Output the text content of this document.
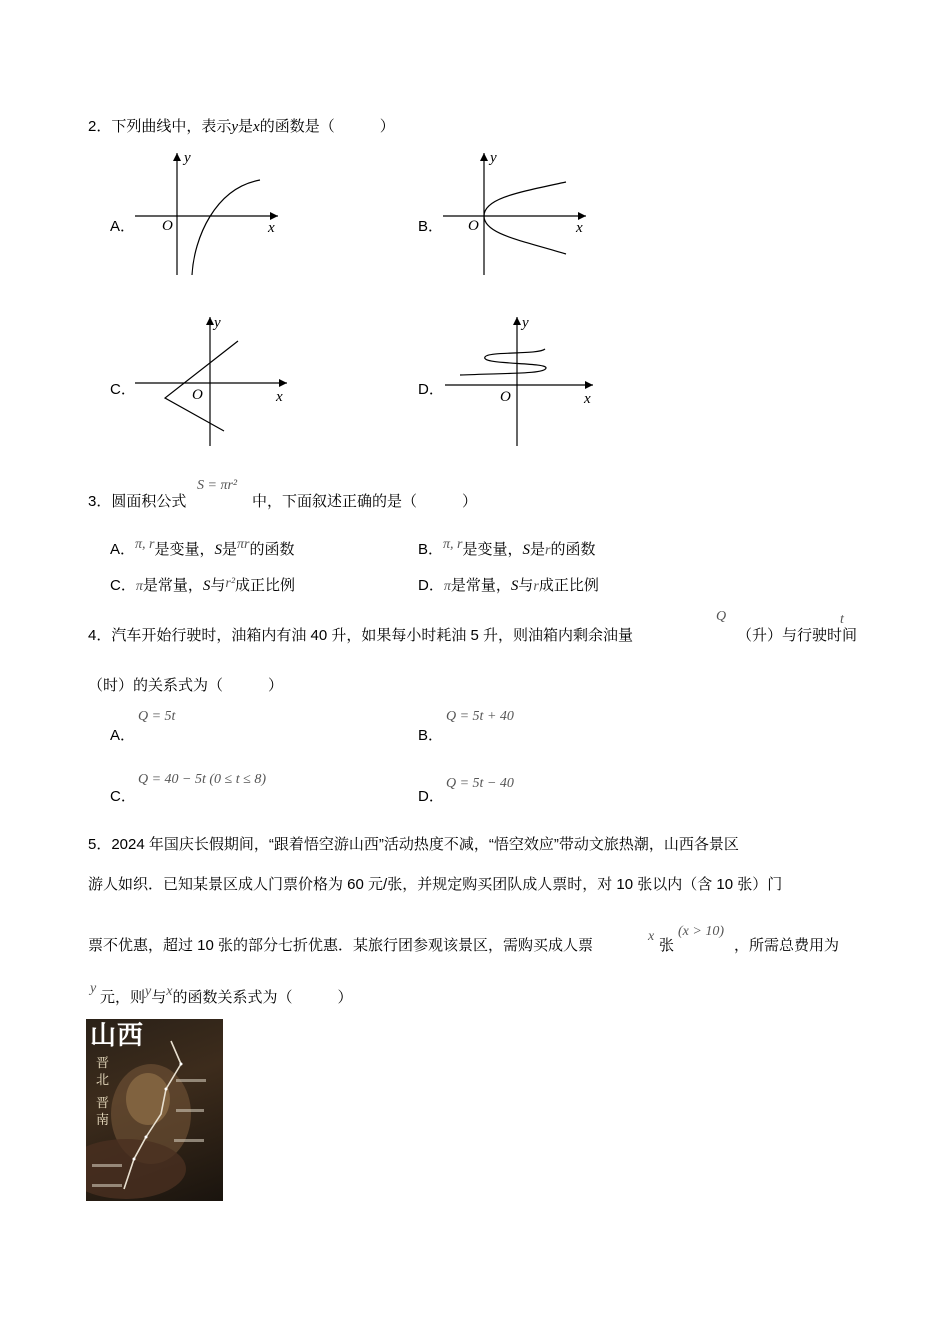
2．下列曲线中，表示y是x的函数是（　　　）
A． O	x
y
B． O	x
y
C．	O	x
y
D．	O	x
y
3．圆面积公式
S = πr²
中，下面叙述正确的是（　　　）
A．π, r是变量，S是πr的函数	B．π, r是变量，S是r的函数
C．π是常量，S与r²成正比例	D．π是常量，S与r成正比例
4．汽车开始行驶时，油箱内有油 40 升，如果每小时耗油 5 升，则油箱内剩余油量
Q
（升）与行驶时间
t
（时）的关系式为（　　　）
A．
Q = 5t
B．
Q = 5t + 40
C．
Q = 40 − 5t (0 ≤ t ≤ 8)
D．
Q = 5t − 40
5．2024 年国庆长假期间，“跟着悟空游山西”活动热度不减，“悟空效应”带动文旅热潮，山西各景区
游人如织．已知某景区成人门票价格为 60 元/张，并规定购买团队成人票时，对 10 张以内（含 10 张）门
票不优惠，超过 10 张的部分七折优惠．某旅行团参观该景区，需购买成人票
x
张
(x > 10)
，所需总费用为
y
元，则y与x的函数关系式为（　　　）
山西
晋
北
晋
南
